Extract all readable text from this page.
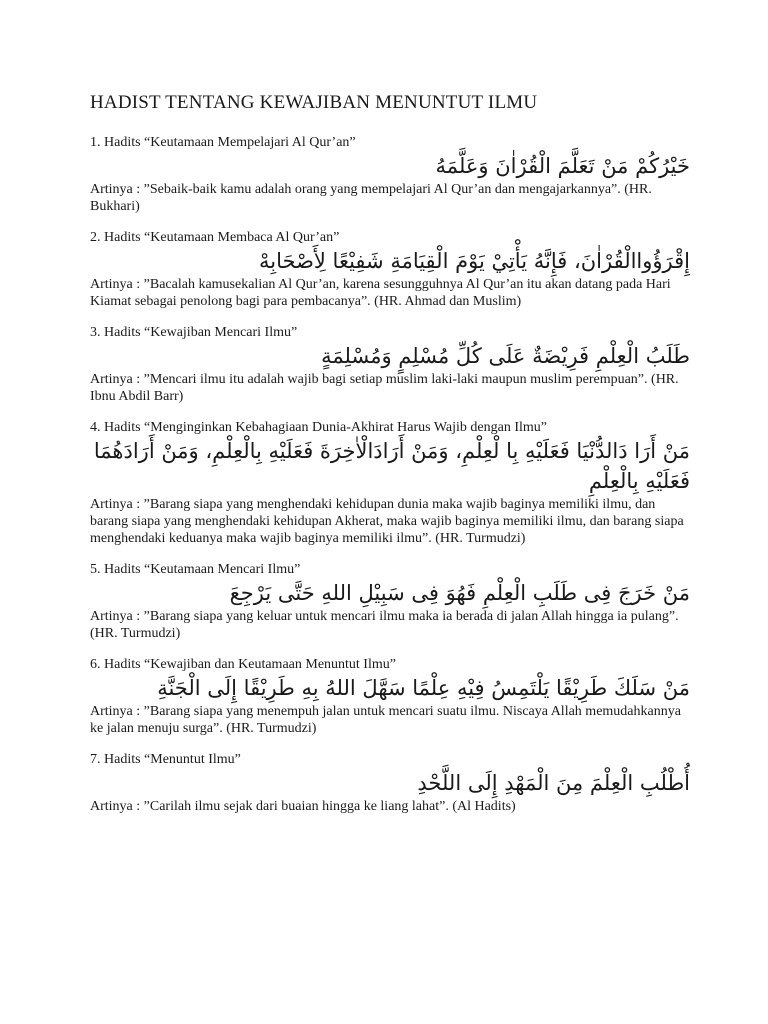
HADIST TENTANG KEWAJIBAN MENUNTUT ILMU
1. Hadits “Keutamaan Mempelajari Al Qur’an”

خَيْرُكُمْ مَنْ تَعَلَّمَ الْقُرْاٰنَ وَعَلَّمَهُ

Artinya : ”Sebaik-baik kamu adalah orang yang mempelajari Al Qur’an dan mengajarkannya”. (HR. Bukhari)

2. Hadits “Keutamaan Membaca Al Qur’an”

إِقْرَؤُواالْقُرْاٰنَ، فَإِنَّهُ يَأْتِيْ يَوْمَ الْقِيَامَةِ شَفِيْعًا لِأَصْحَابِهْ

Artinya : ”Bacalah kamusekalian Al Qur’an, karena sesungguhnya Al Qur’an itu akan datang pada Hari Kiamat sebagai penolong bagi para pembacanya”. (HR. Ahmad dan Muslim)

3. Hadits “Kewajiban Mencari Ilmu”

طَلَبُ الْعِلْمِ فَرِيْضَةٌ عَلَى كُلِّ مُسْلِمٍ وَمُسْلِمَةٍ

Artinya : ”Mencari ilmu itu adalah wajib bagi setiap muslim laki-laki maupun muslim perempuan”. (HR. Ibnu Abdil Barr)

4. Hadits “Menginginkan Kebahagiaan Dunia-Akhirat Harus Wajib dengan Ilmu”

مَنْ أَرَا دَالدُّنْيَا فَعَلَيْهِ بِا لْعِلْمِ، وَمَنْ أَرَادَالْاٰخِرَةَ فَعَلَيْهِ بِالْعِلْمِ، وَمَنْ أَرَادَهُمَا فَعَلَيْهِ بِالْعِلْمِ

Artinya : ”Barang siapa yang menghendaki kehidupan dunia maka wajib baginya memiliki ilmu, dan barang siapa yang menghendaki kehidupan Akherat, maka wajib baginya memiliki ilmu, dan barang siapa menghendaki keduanya maka wajib baginya memiliki ilmu”. (HR. Turmudzi)

5. Hadits “Keutamaan Mencari Ilmu”

مَنْ خَرَجَ فِى طَلَبِ الْعِلْمِ فَهُوَ فِى سَبِيْلِ اللهِ حَتَّى يَرْجِعَ

Artinya : ”Barang siapa yang keluar untuk mencari ilmu maka ia berada di jalan Allah hingga ia pulang”. (HR. Turmudzi)

6. Hadits “Kewajiban dan Keutamaan Menuntut Ilmu”

مَنْ سَلَكَ طَرِيْقًا يَلْتَمِسُ فِيْهِ عِلْمًا سَهَّلَ اللهُ بِهِ طَرِيْقًا إِلَى الْجَنَّةِ

Artinya : ”Barang siapa yang menempuh jalan untuk mencari suatu ilmu. Niscaya Allah memudahkannya ke jalan menuju surga”. (HR. Turmudzi)

7. Hadits “Menuntut Ilmu”

أُطْلُبِ الْعِلْمَ مِنَ الْمَهْدِ إِلَى اللَّحْدِ

Artinya : ”Carilah ilmu sejak dari buaian hingga ke liang lahat”. (Al Hadits)
